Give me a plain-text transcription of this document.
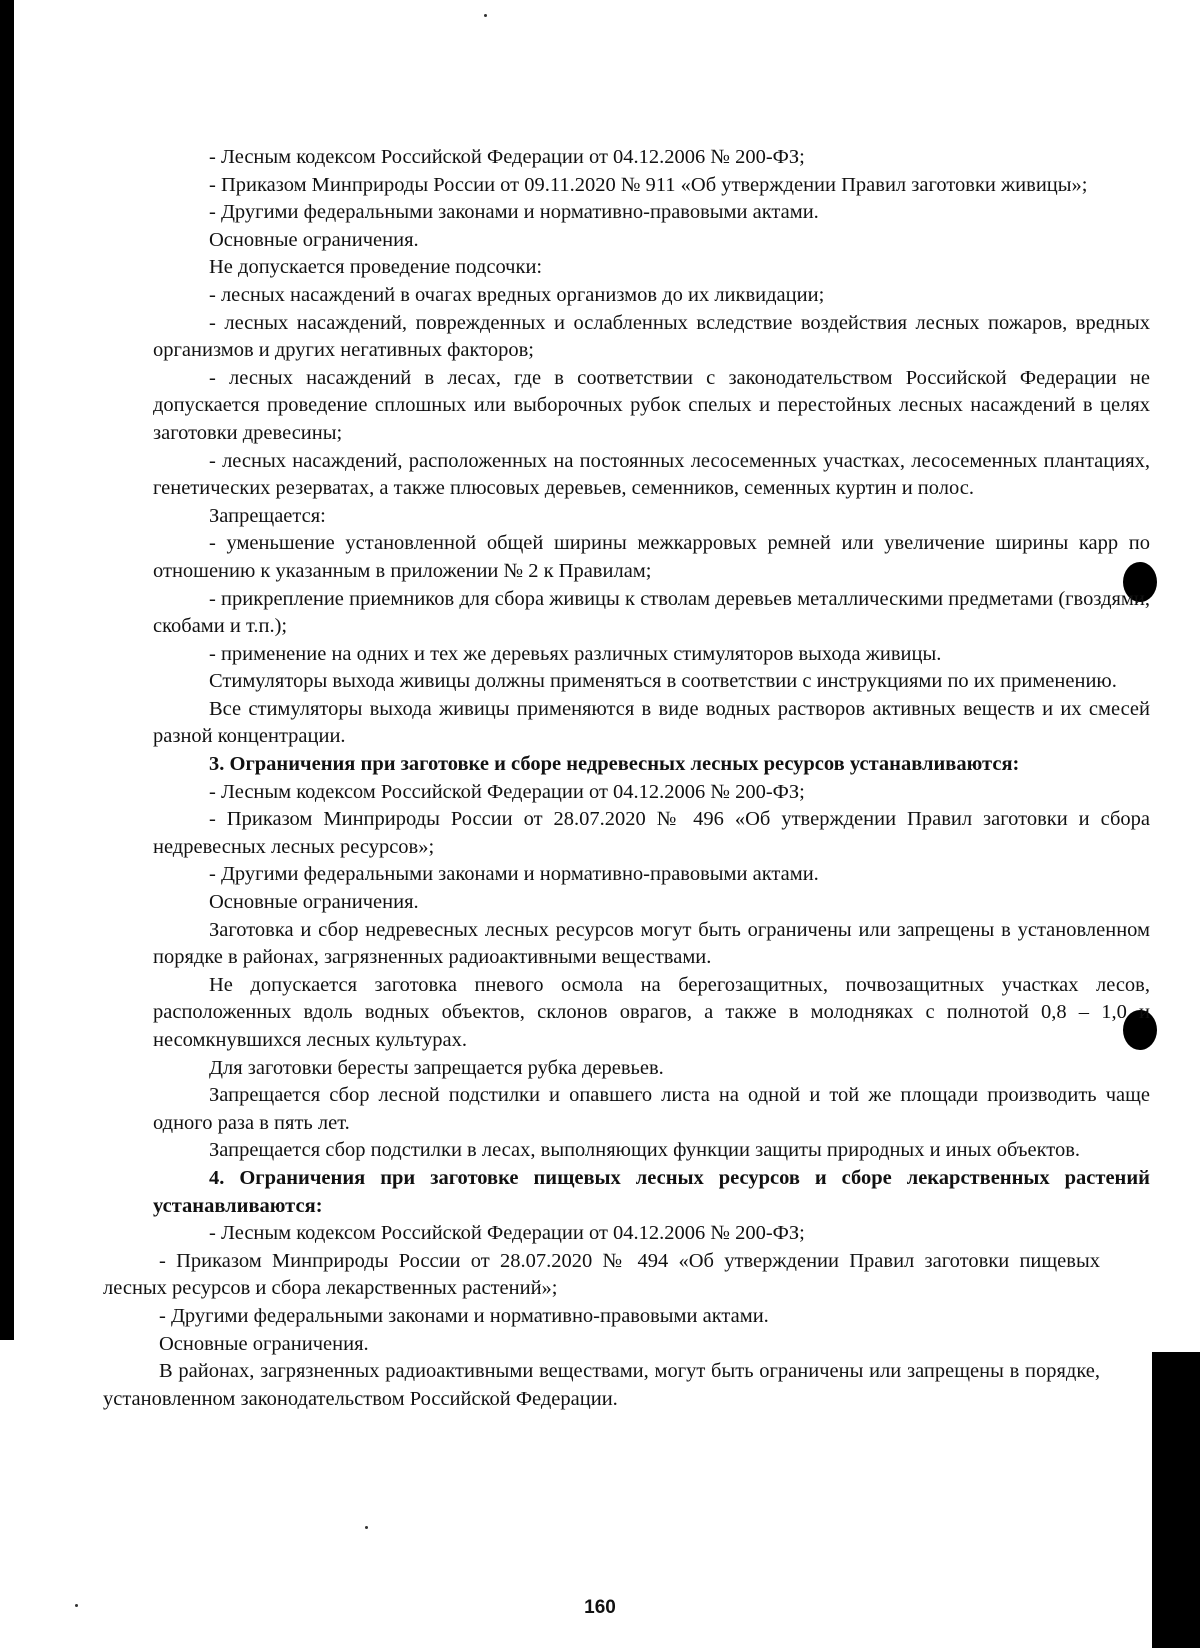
- Лесным кодексом Российской Федерации от 04.12.2006 № 200-ФЗ;

- Приказом Минприроды России от 09.11.2020 № 911 «Об утверждении Правил заготовки живицы»;

- Другими федеральными законами и нормативно-правовыми актами.

Основные ограничения.

Не допускается проведение подсочки:

- лесных насаждений в очагах вредных организмов до их ликвидации;

- лесных насаждений, поврежденных и ослабленных вследствие воздействия лесных пожаров, вредных организмов и других негативных факторов;

- лесных насаждений в лесах, где в соответствии с законодательством Российской Федерации не допускается проведение сплошных или выборочных рубок спелых и перестойных лесных насаждений в целях заготовки древесины;

- лесных насаждений, расположенных на постоянных лесосеменных участках, лесосеменных плантациях, генетических резерватах, а также плюсовых деревьев, семенников, семенных куртин и полос.

Запрещается:

- уменьшение установленной общей ширины межкарровых ремней или увеличение ширины карр по отношению к указанным в приложении № 2 к Правилам;

- прикрепление приемников для сбора живицы к стволам деревьев металлическими предметами (гвоздями, скобами и т.п.);

- применение на одних и тех же деревьях различных стимуляторов выхода живицы.

Стимуляторы выхода живицы должны применяться в соответствии с инструкциями по их применению.

Все стимуляторы выхода живицы применяются в виде водных растворов активных веществ и их смесей разной концентрации.

3. Ограничения при заготовке и сборе недревесных лесных ресурсов устанавливаются:

- Лесным кодексом Российской Федерации от 04.12.2006 № 200-ФЗ;

- Приказом Минприроды России от 28.07.2020 № 496 «Об утверждении Правил заготовки и сбора недревесных лесных ресурсов»;

- Другими федеральными законами и нормативно-правовыми актами.

Основные ограничения.

Заготовка и сбор недревесных лесных ресурсов могут быть ограничены или запрещены в установленном порядке в районах, загрязненных радиоактивными веществами.

Не допускается заготовка пневого осмола на берегозащитных, почвозащитных участках лесов, расположенных вдоль водных объектов, склонов оврагов, а также в молодняках с полнотой 0,8 – 1,0 и несомкнувшихся лесных культурах.

Для заготовки бересты запрещается рубка деревьев.

Запрещается сбор лесной подстилки и опавшего листа на одной и той же площади производить чаще одного раза в пять лет.

Запрещается сбор подстилки в лесах, выполняющих функции защиты природных и иных объектов.

4. Ограничения при заготовке пищевых лесных ресурсов и сборе лекарственных растений устанавливаются:

- Лесным кодексом Российской Федерации от 04.12.2006 № 200-ФЗ;

- Приказом Минприроды России от 28.07.2020 № 494 «Об утверждении Правил заготовки пищевых лесных ресурсов и сбора лекарственных растений»;

- Другими федеральными законами и нормативно-правовыми актами.

Основные ограничения.

В районах, загрязненных радиоактивными веществами, могут быть ограничены или запрещены в порядке, установленном законодательством Российской Федерации.

160
